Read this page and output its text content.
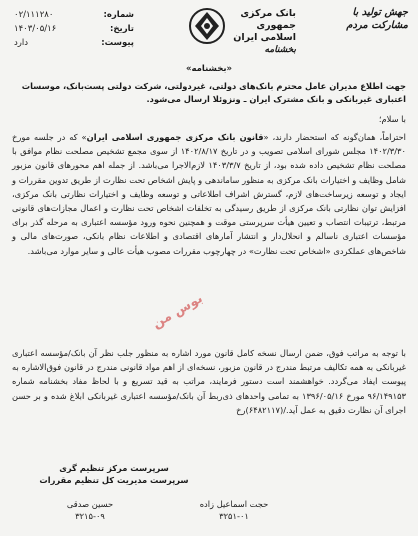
شماره:
۰۲/۱۱۱۲۸۰
تاریخ:
۱۴۰۳/۰۵/۱۶
پیوست:
دارد
بانک مرکزی جمهوری اسلامی ایران
بخشنامه
جهش تولید با
مشارکت مردم
«بخشنامه»
جهت اطلاع مدیران عامل محترم بانک‌های دولتی، غیردولتی، شرکت دولتی پست‌بانک، موسسات اعتباری غیربانکی و بانک مشترک ایران ـ ونزوئلا ارسال می‌شود.
با سلام؛
احتراماً، همان‌گونه که استحضار دارند، «قانون بانک مرکزی جمهوری اسلامی ایران» که در جلسه مورخ ۱۴۰۲/۳/۳۰ مجلس شورای اسلامی تصویب و در تاریخ ۱۴۰۲/۸/۱۷ از سوی مجمع تشخیص مصلحت نظام موافق با مصلحت نظام تشخیص داده شده بود، از تاریخ ۱۴۰۳/۳/۷ لازم‌الاجرا می‌باشد. از جمله اهم محورهای قانون مزبور شامل وظایف و اختیارات بانک مرکزی به منظور ساماندهی و پایش اشخاص تحت نظارت از طریق تدوین مقررات و ایجاد و توسعه زیرساخت‌های لازم، گسترش اشراف اطلاعاتی و توسعه وظایف و اختیارات نظارتی بانک مرکزی، افزایش توان نظارتی بانک مرکزی از طریق رسیدگی به تخلفات اشخاص تحت نظارت و اعمال مجازات‌های قانونی مرتبط، ترتیبات انتصاب و تعیین هیأت سرپرستی موقت و همچنین نحوه ورود مؤسسه اعتباری به مرحله گذر برای مؤسسات اعتباری ناسالم و انحلال‌دار و انتشار آمارهای اقتصادی و اطلاعات نظام بانکی، صورت‌های مالی و شاخص‌های عملکردی «اشخاص تحت نظارت» در چهارچوب مقررات مصوب هیأت عالی و سایر موارد می‌باشد.
با توجه به مراتب فوق، ضمن ارسال نسخه کامل قانون مورد اشاره به منظور جلب نظر آن بانک/مؤسسه اعتباری غیربانکی به همه تکالیف مرتبط مندرج در قانون مزبور، نسخه‌ای از اهم مواد قانونی مندرج در قانون فوق‌الاشاره به پیوست ایفاد می‌گردد. خواهشمند است دستور فرمایند، مراتب به قید تسریع و با لحاظ مفاد بخشنامه شماره ۹۶/۱۴۹۱۵۳ مورخ ۱۳۹۶/۰۵/۱۶ به تمامی واحدهای ذی‌ربط آن بانک/مؤسسه اعتباری غیربانکی ابلاغ شده و بر حسن اجرای آن نظارت دقیق به عمل آید./(۶۴۸۲۱۱۷)رخ
سرپرست مرکز تنظیم گری
سرپرست مدیریت کل تنظیم مقررات
حجت اسماعیل زاده
۳۲۵۱-۰۱
حسین صدقی
۳۲۱۵-۰۹
بوس من
